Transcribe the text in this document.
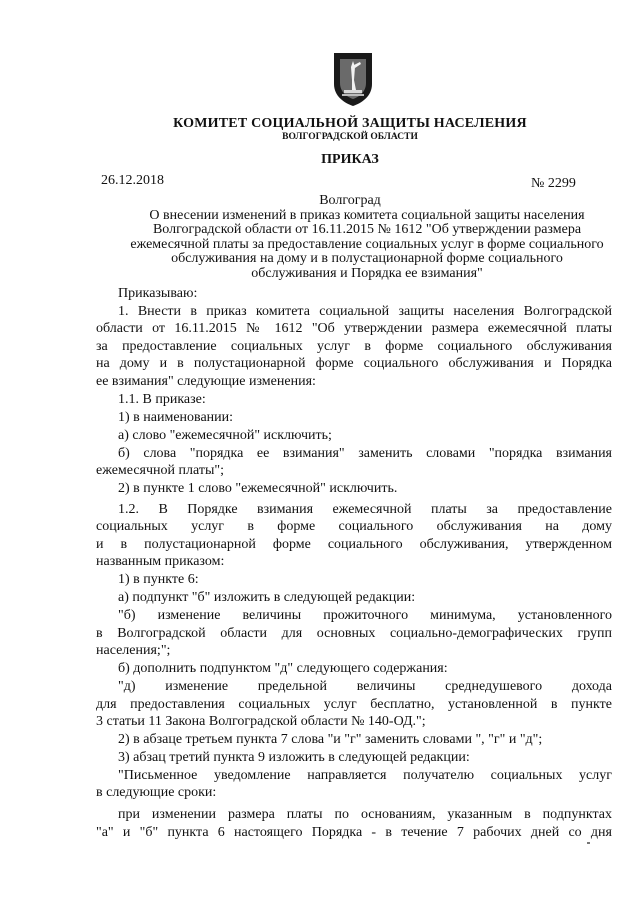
КОМИТЕТ СОЦИАЛЬНОЙ ЗАЩИТЫ НАСЕЛЕНИЯ
ВОЛГОГРАДСКОЙ ОБЛАСТИ
ПРИКАЗ
26.12.2018	№ 2299
Волгоград
О внесении изменений в приказ комитета социальной защиты населения Волгоградской области от 16.11.2015 № 1612 "Об утверждении размера ежемесячной платы за предоставление социальных услуг в форме социального обслуживания на дому и в полустационарной форме социального обслуживания и Порядка ее взимания"
Приказываю:
1. Внести в приказ комитета социальной защиты населения Волгоградской
области от 16.11.2015 № 1612 "Об утверждении размера ежемесячной платы
за предоставление социальных услуг в форме социального обслуживания
на дому и в полустационарной форме социального обслуживания и Порядка
ее взимания" следующие изменения:
1.1. В приказе:
1) в наименовании:
а) слово "ежемесячной" исключить;
б) слова "порядка ее взимания" заменить словами "порядка взимания
ежемесячной платы";
2) в пункте 1 слово "ежемесячной" исключить.
1.2. В Порядке взимания ежемесячной платы за предоставление
социальных услуг в форме социального обслуживания на дому
и в полустационарной форме социального обслуживания, утвержденном
названным приказом:
1) в пункте 6:
а) подпункт "б" изложить в следующей редакции:
"б) изменение величины прожиточного минимума, установленного
в Волгоградской области для основных социально-демографических групп
населения;";
б) дополнить подпунктом "д" следующего содержания:
"д) изменение предельной величины среднедушевого дохода
для предоставления социальных услуг бесплатно, установленной в пункте
3 статьи 11 Закона Волгоградской области № 140-ОД.";
2) в абзаце третьем пункта 7 слова "и "г" заменить словами ", "г" и "д";
3) абзац третий пункта 9 изложить в следующей редакции:
"Письменное уведомление направляется получателю социальных услуг
в следующие сроки:
при изменении размера платы по основаниям, указанным в подпунктах
"а" и "б" пункта 6 настоящего Порядка - в течение 7 рабочих дней со дня
